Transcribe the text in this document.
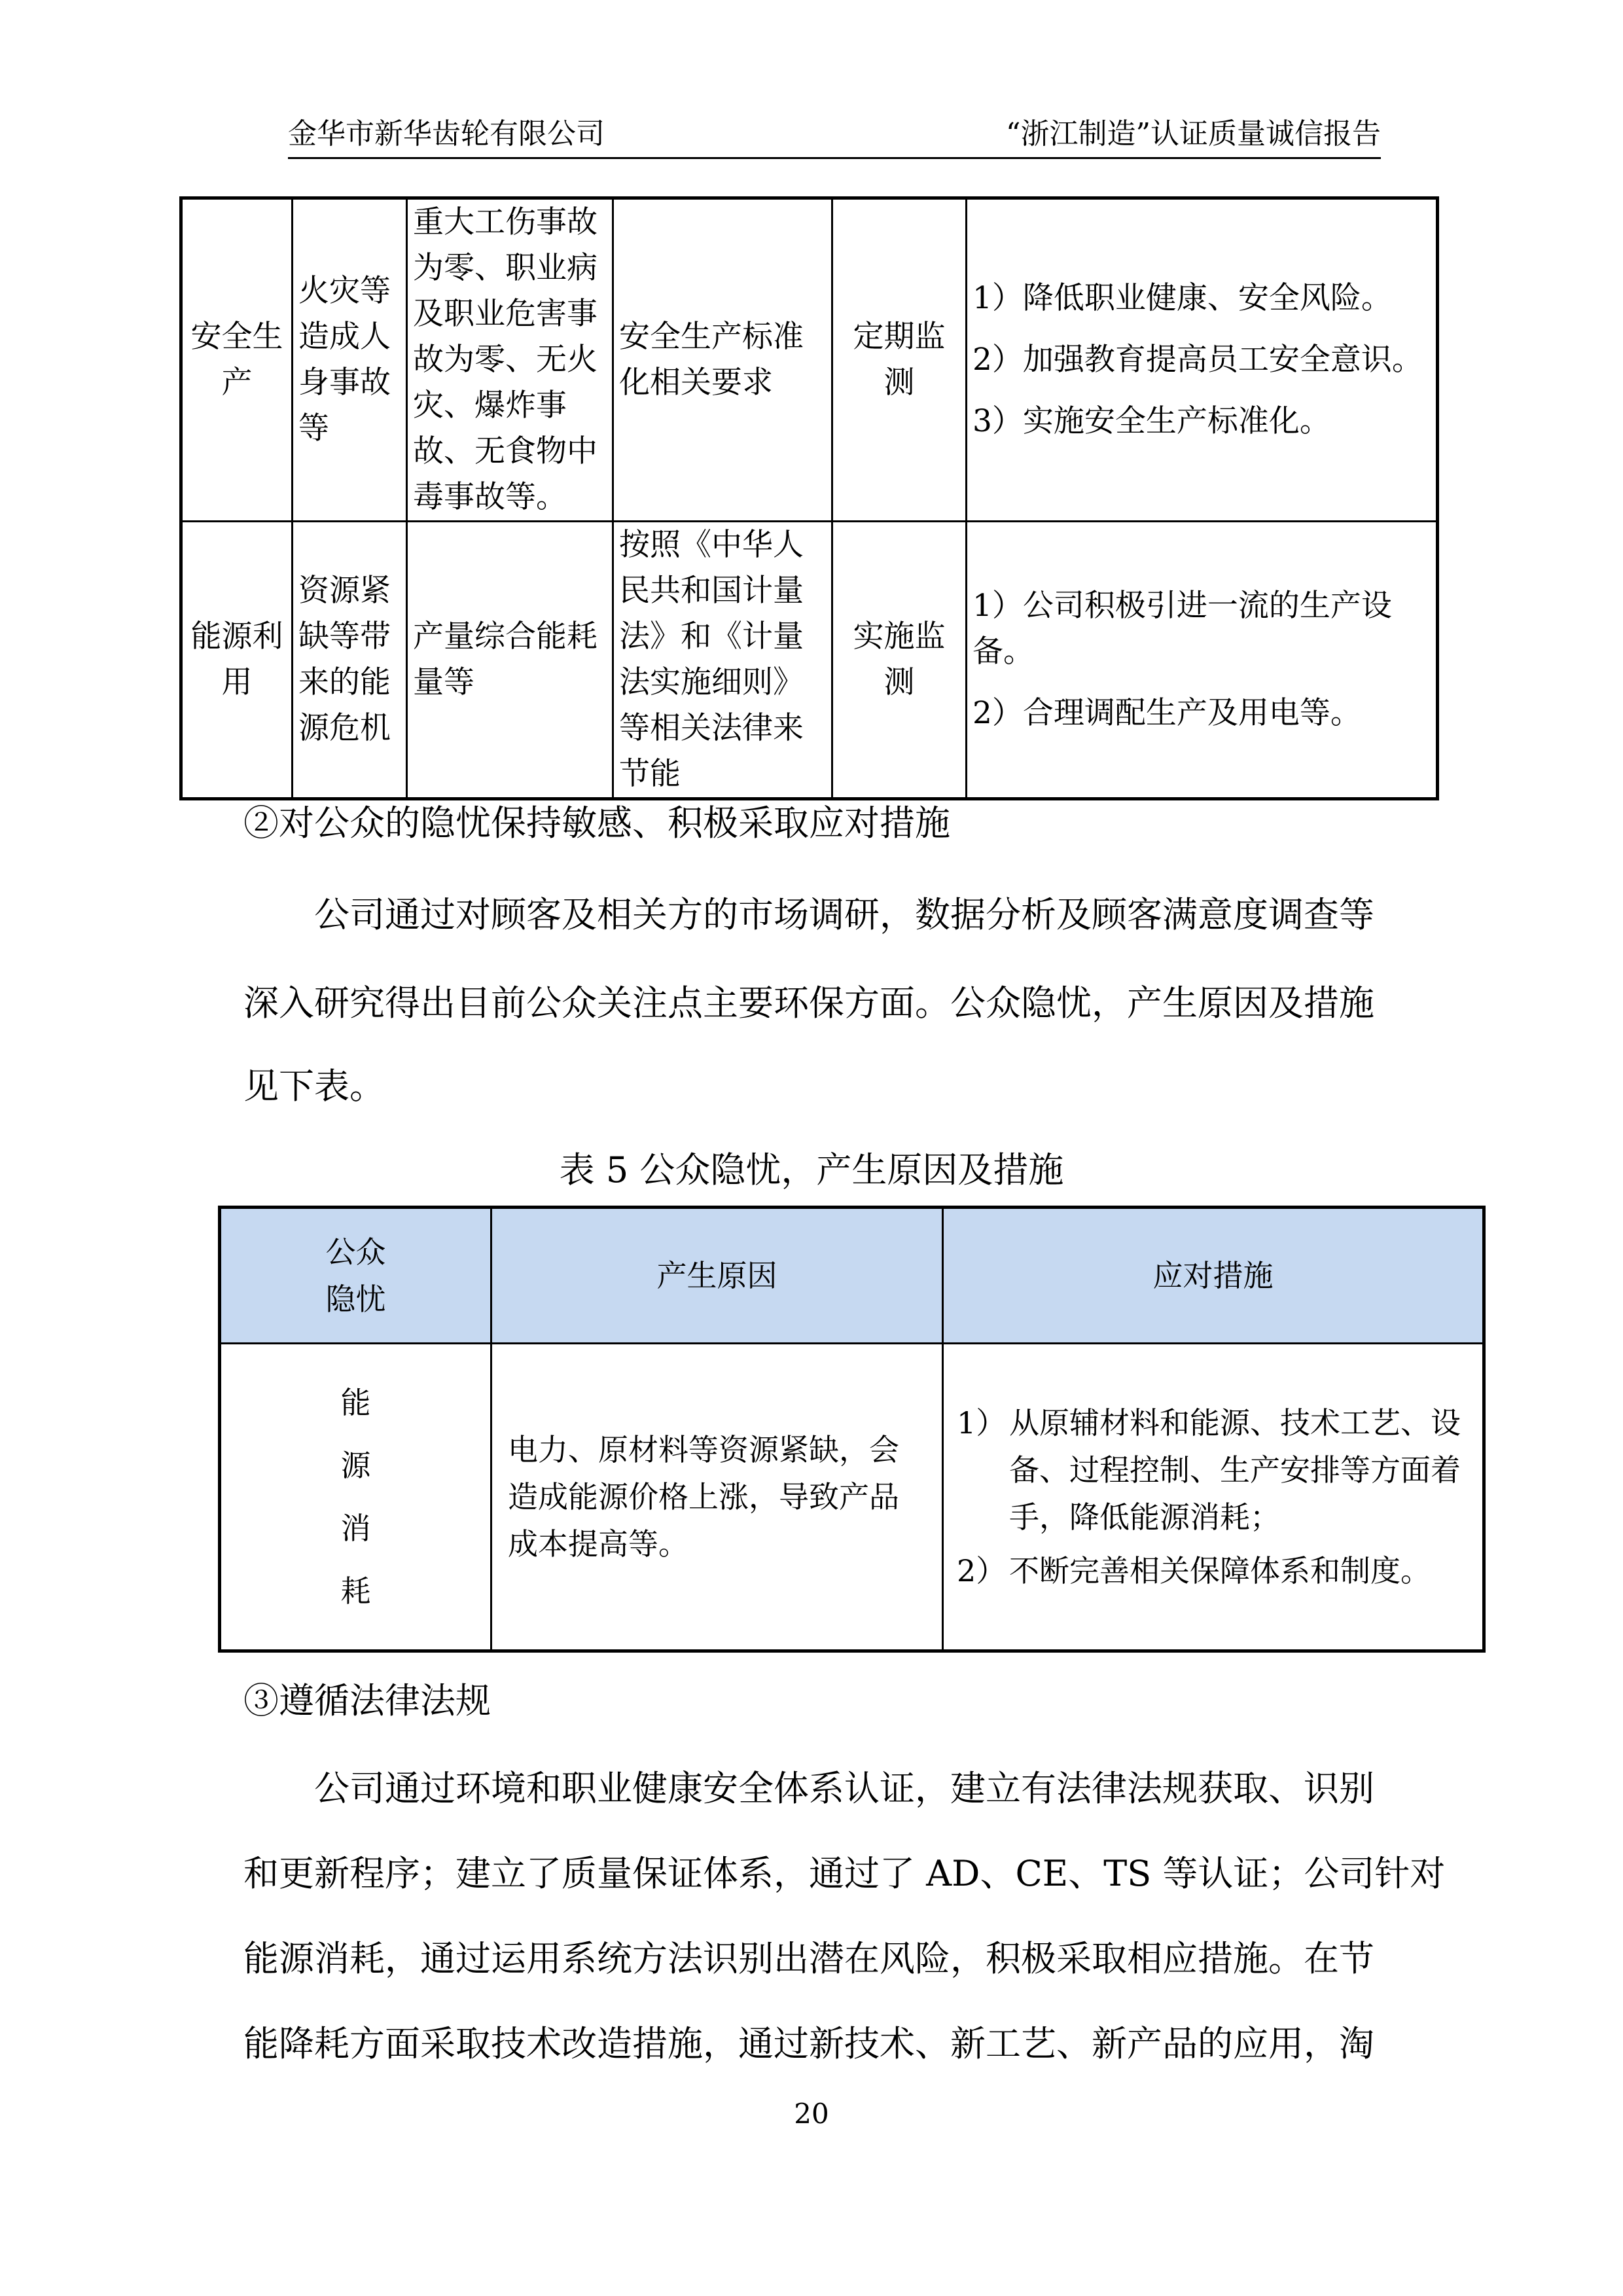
金华市新华齿轮有限公司	“浙江制造”认证质量诚信报告
安全生产	火灾等造成人身事故等	重大工伤事故为零、职业病及职业危害事故为零、无火灾、爆炸事故、无食物中毒事故等。	安全生产标准化相关要求	定期监测	1）降低职业健康、安全风险。
2）加强教育提高员工安全意识。
3）实施安全生产标准化。

能源利用	资源紧缺等带来的能源危机	产量综合能耗量等	按照《中华人民共和国计量法》和《计量法实施细则》等相关法律来节能	实施监测	1）公司积极引进一流的生产设备。
2）合理调配生产及用电等。
②对公众的隐忧保持敏感、积极采取应对措施
公司通过对顾客及相关方的市场调研，数据分析及顾客满意度调查等
深入研究得出目前公众关注点主要环保方面。公众隐忧，产生原因及措施
见下表。
表 5 公众隐忧，产生原因及措施
公众隐忧	产生原因	应对措施
能源消耗	电力、原材料等资源紧缺，会造成能源价格上涨，导致产品成本提高等。	1） 从原辅材料和能源、技术工艺、设备、过程控制、生产安排等方面着手，降低能源消耗；
2） 不断完善相关保障体系和制度。
③遵循法律法规
公司通过环境和职业健康安全体系认证，建立有法律法规获取、识别
和更新程序；建立了质量保证体系，通过了 AD、CE、TS 等认证；公司针对
能源消耗，通过运用系统方法识别出潜在风险，积极采取相应措施。在节
能降耗方面采取技术改造措施，通过新技术、新工艺、新产品的应用，淘
20
